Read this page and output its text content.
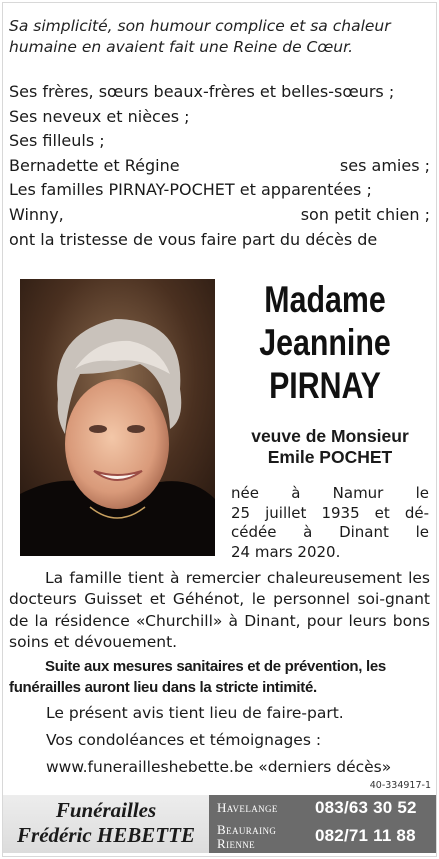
Sa simplicité, son humour complice et sa chaleur
humaine en avaient fait une Reine de Cœur.
Ses frères, sœurs beaux-frères et belles-sœurs ;
Ses neveux et nièces ;
Ses filleuls ;
Bernadette et Régine	ses amies ;
Les familles PIRNAY-POCHET et apparentées ;
Winny,	son petit chien ;
ont la tristesse de vous faire part du décès de
Madame
Jeannine
PIRNAY
veuve de Monsieur
Emile POCHET
née à Namur le
25 juillet 1935 et dé-
cédée à Dinant le
24 mars 2020.
La famille tient à remercier chaleureusement les docteurs Guisset et Géhénot, le personnel soi-gnant de la résidence «Churchill» à Dinant, pour leurs bons soins et dévouement.
Suite aux mesures sanitaires et de prévention, les funérailles auront lieu dans la stricte intimité.
Le présent avis tient lieu de faire-part.
Vos condoléances et témoignages :
www.funerailleshebette.be «derniers décès»
40-334917-1
Funérailles
Frédéric HEBETTE
Havelange 083/63 30 52
Beauraing
Rienne	082/71 11 88
